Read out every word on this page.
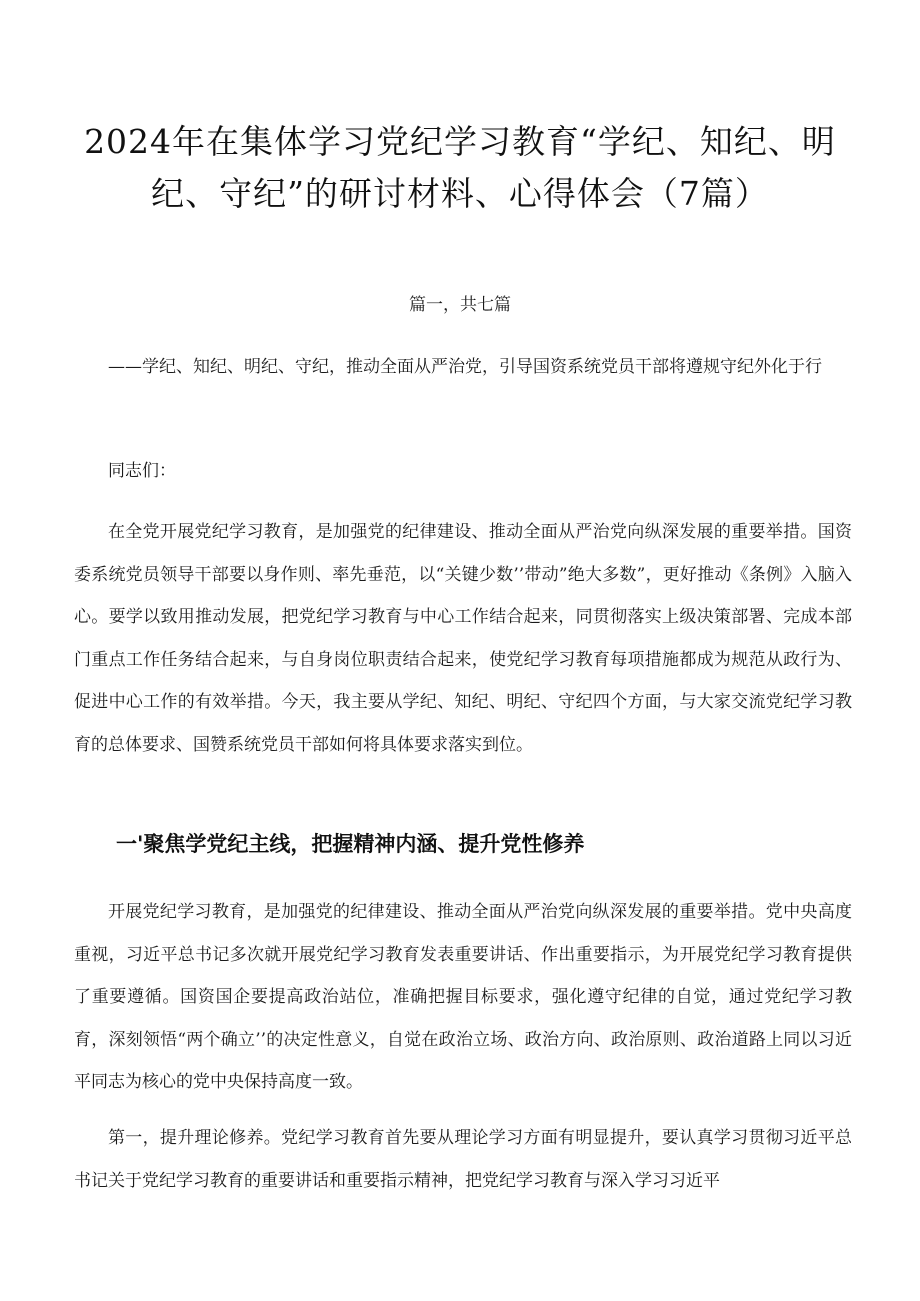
2024年在集体学习党纪学习教育“学纪、知纪、明纪、守纪”的研讨材料、心得体会（7篇）

篇一，共七篇

——学纪、知纪、明纪、守纪，推动全面从严治党，引导国资系统党员干部将遵规守纪外化于行

同志们：

在全党开展党纪学习教育，是加强党的纪律建设、推动全面从严治党向纵深发展的重要举措。国资委系统党员领导干部要以身作则、率先垂范，以“关键少数’’带动”绝大多数”，更好推动《条例》入脑入心。要学以致用推动发展，把党纪学习教育与中心工作结合起来，同贯彻落实上级决策部署、完成本部门重点工作任务结合起来，与自身岗位职责结合起来，使党纪学习教育每项措施都成为规范从政行为、促进中心工作的有效举措。今天，我主要从学纪、知纪、明纪、守纪四个方面，与大家交流党纪学习教育的总体要求、国赞系统党员干部如何将具体要求落实到位。

一'聚焦学党纪主线，把握精神内涵、提升党性修养

开展党纪学习教育，是加强党的纪律建设、推动全面从严治党向纵深发展的重要举措。党中央高度重视，习近平总书记多次就开展党纪学习教育发表重要讲话、作出重要指示，为开展党纪学习教育提供了重要遵循。国资国企要提高政治站位，准确把握目标要求，强化遵守纪律的自觉，通过党纪学习教育，深刻领悟“两个确立’’的决定性意义，自觉在政治立场、政治方向、政治原则、政治道路上同以习近平同志为核心的党中央保持高度一致。

第一，提升理论修养。党纪学习教育首先要从理论学习方面有明显提升，要认真学习贯彻习近平总书记关于党纪学习教育的重要讲话和重要指示精神，把党纪学习教育与深入学习习近平
